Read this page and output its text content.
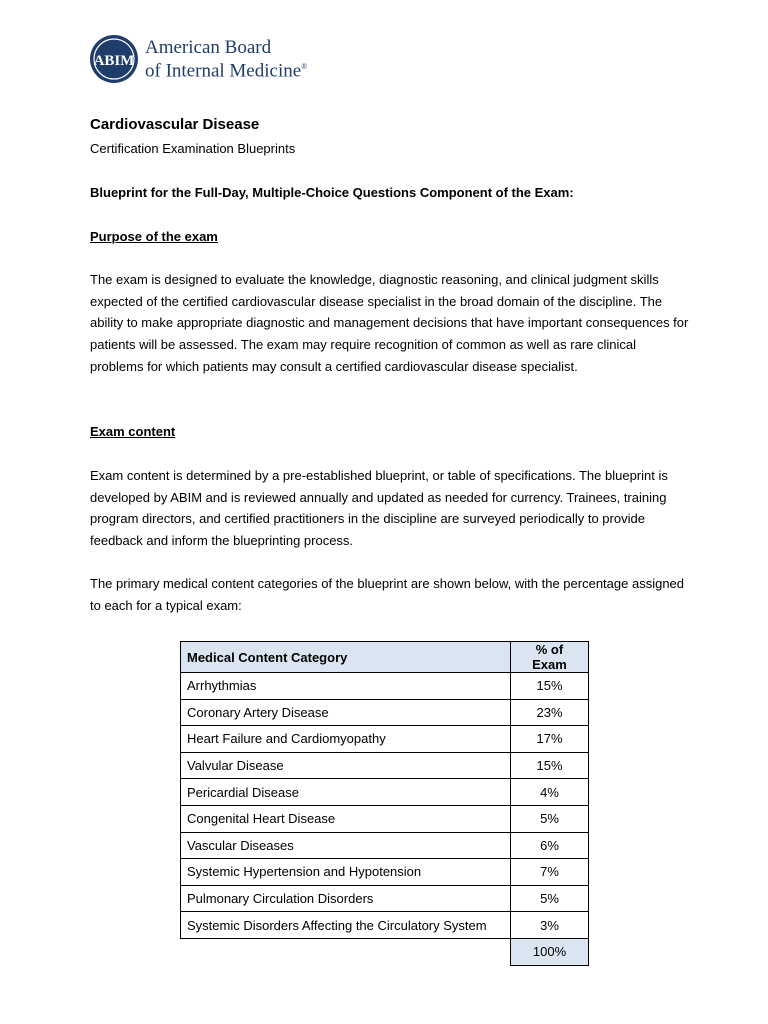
ABIM
American Board
of Internal Medicine®
Cardiovascular Disease
Certification Examination Blueprints
Blueprint for the Full-Day, Multiple-Choice Questions Component of the Exam:
Purpose of the exam
The exam is designed to evaluate the knowledge, diagnostic reasoning, and clinical judgment skills expected of the certified cardiovascular disease specialist in the broad domain of the discipline. The ability to make appropriate diagnostic and management decisions that have important consequences for patients will be assessed. The exam may require recognition of common as well as rare clinical problems for which patients may consult a certified cardiovascular disease specialist.
Exam content
Exam content is determined by a pre-established blueprint, or table of specifications. The blueprint is developed by ABIM and is reviewed annually and updated as needed for currency. Trainees, training program directors, and certified practitioners in the discipline are surveyed periodically to provide feedback and inform the blueprinting process.
The primary medical content categories of the blueprint are shown below, with the percentage assigned to each for a typical exam:
Medical Content Category	% of Exam
Arrhythmias	15%
Coronary Artery Disease	23%
Heart Failure and Cardiomyopathy	17%
Valvular Disease	15%
Pericardial Disease	4%
Congenital Heart Disease	5%
Vascular Diseases	6%
Systemic Hypertension and Hypotension	7%
Pulmonary Circulation Disorders	5%
Systemic Disorders Affecting the Circulatory System	3%
	100%
